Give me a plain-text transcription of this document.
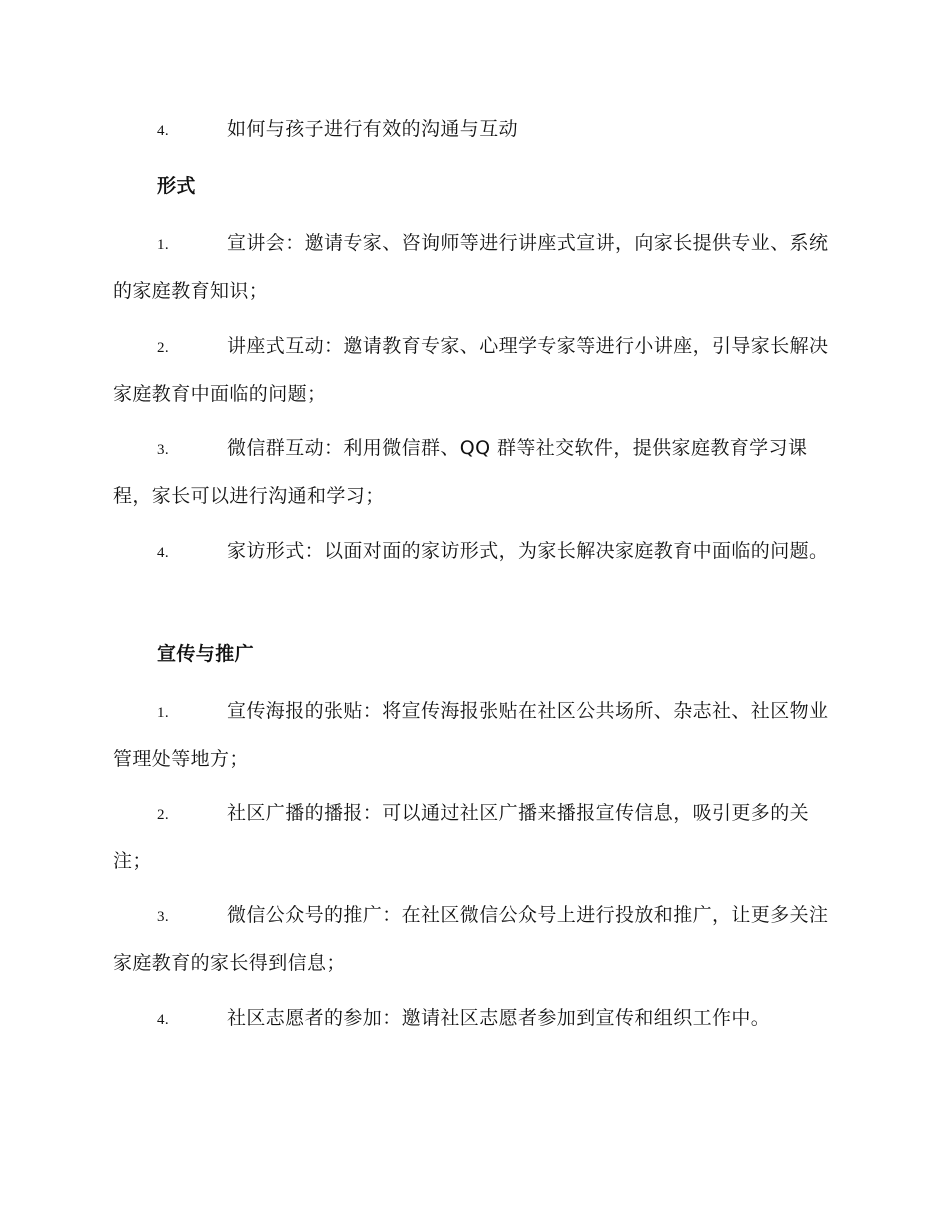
4.	如何与孩子进行有效的沟通与互动
形式
1.	宣讲会：邀请专家、咨询师等进行讲座式宣讲，向家长提供专业、系统的家庭教育知识；
2.	讲座式互动：邀请教育专家、心理学专家等进行小讲座，引导家长解决家庭教育中面临的问题；
3.	微信群互动：利用微信群、QQ 群等社交软件，提供家庭教育学习课程，家长可以进行沟通和学习；
4.	家访形式：以面对面的家访形式，为家长解决家庭教育中面临的问题。
宣传与推广
1.	宣传海报的张贴：将宣传海报张贴在社区公共场所、杂志社、社区物业管理处等地方；
2.	社区广播的播报：可以通过社区广播来播报宣传信息，吸引更多的关注；
3.	微信公众号的推广：在社区微信公众号上进行投放和推广，让更多关注家庭教育的家长得到信息；
4.	社区志愿者的参加：邀请社区志愿者参加到宣传和组织工作中。
